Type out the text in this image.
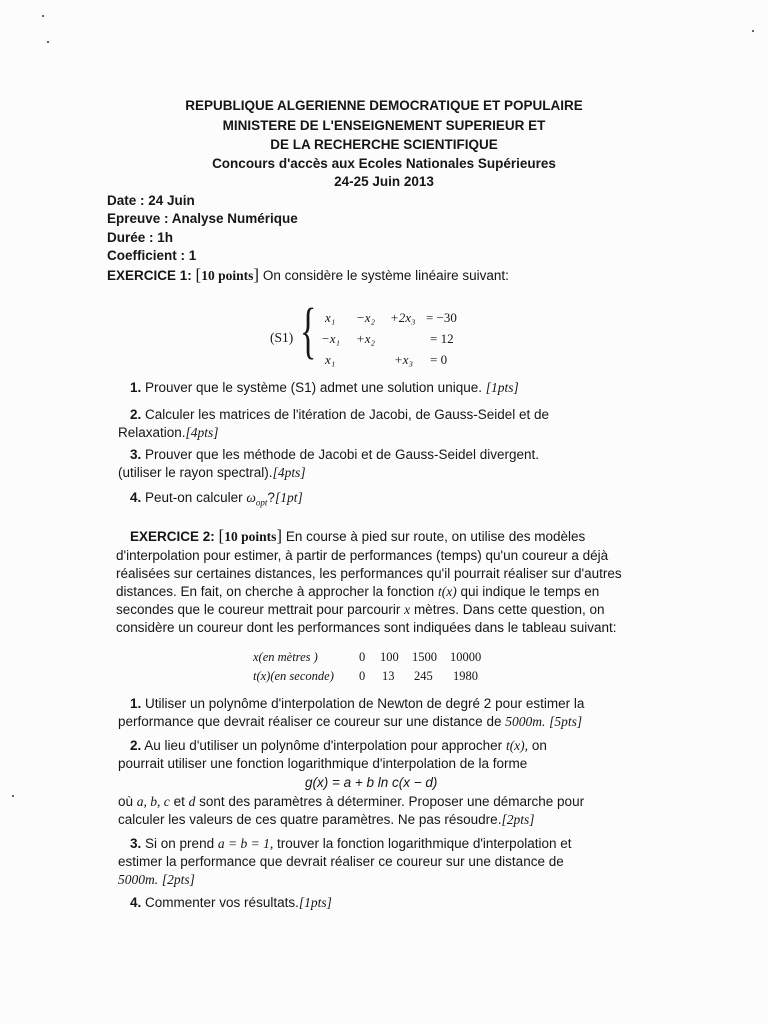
REPUBLIQUE ALGERIENNE DEMOCRATIQUE ET POPULAIRE
MINISTERE DE L'ENSEIGNEMENT SUPERIEUR ET
DE LA RECHERCHE SCIENTIFIQUE
Concours d'accès aux Ecoles Nationales Supérieures
24-25 Juin 2013
Date : 24 Juin
Epreuve : Analyse Numérique
Durée : 1h
Coefficient : 1
EXERCICE 1: [10 points] On considère le système linéaire suivant:
(S1) { x₁ −x₂ +2x₃ = −30
−x₁ +x₂	= 12
x₁	+x₃ = 0
1. Prouver que le système (S1) admet une solution unique. [1pts]
2. Calculer les matrices de l'itération de Jacobi, de Gauss-Seidel et de
Relaxation.[4pts]
3. Prouver que les méthode de Jacobi et de Gauss-Seidel divergent.
(utiliser le rayon spectral).[4pts]
4. Peut-on calculer $\omega_{opt}?[1pt]$
EXERCICE 2: [10 points] En course à pied sur route, on utilise des modèles
d'interpolation pour estimer, à partir de performances (temps) qu'un coureur a déjà
réalisées sur certaines distances, les performances qu'il pourrait réaliser sur d'autres
distances. En fait, on cherche à approcher la fonction t(x) qui indique le temps en
secondes que le coureur mettrait pour parcourir x mètres. Dans cette question, on
considère un coureur dont les performances sont indiquées dans le tableau suivant:
x(en mètres )	0 100 1500 10000
t(x)(en seconde) 0 13 245 1980
1. Utiliser un polynôme d'interpolation de Newton de degré 2 pour estimer la
performance que devrait réaliser ce coureur sur une distance de 5000m. [5pts]
2. Au lieu d'utiliser un polynôme d'interpolation pour approcher t(x), on
pourrait utiliser une fonction logarithmique d'interpolation de la forme
g(x) = a + b ln c(x − d)
où a, b, c et d sont des paramètres à déterminer. Proposer une démarche pour
calculer les valeurs de ces quatre paramètres. Ne pas résoudre.[2pts]
3. Si on prend a = b = 1, trouver la fonction logarithmique d'interpolation et
estimer la performance que devrait réaliser ce coureur sur une distance de
5000m. [2pts]
4. Commenter vos résultats.[1pts]
